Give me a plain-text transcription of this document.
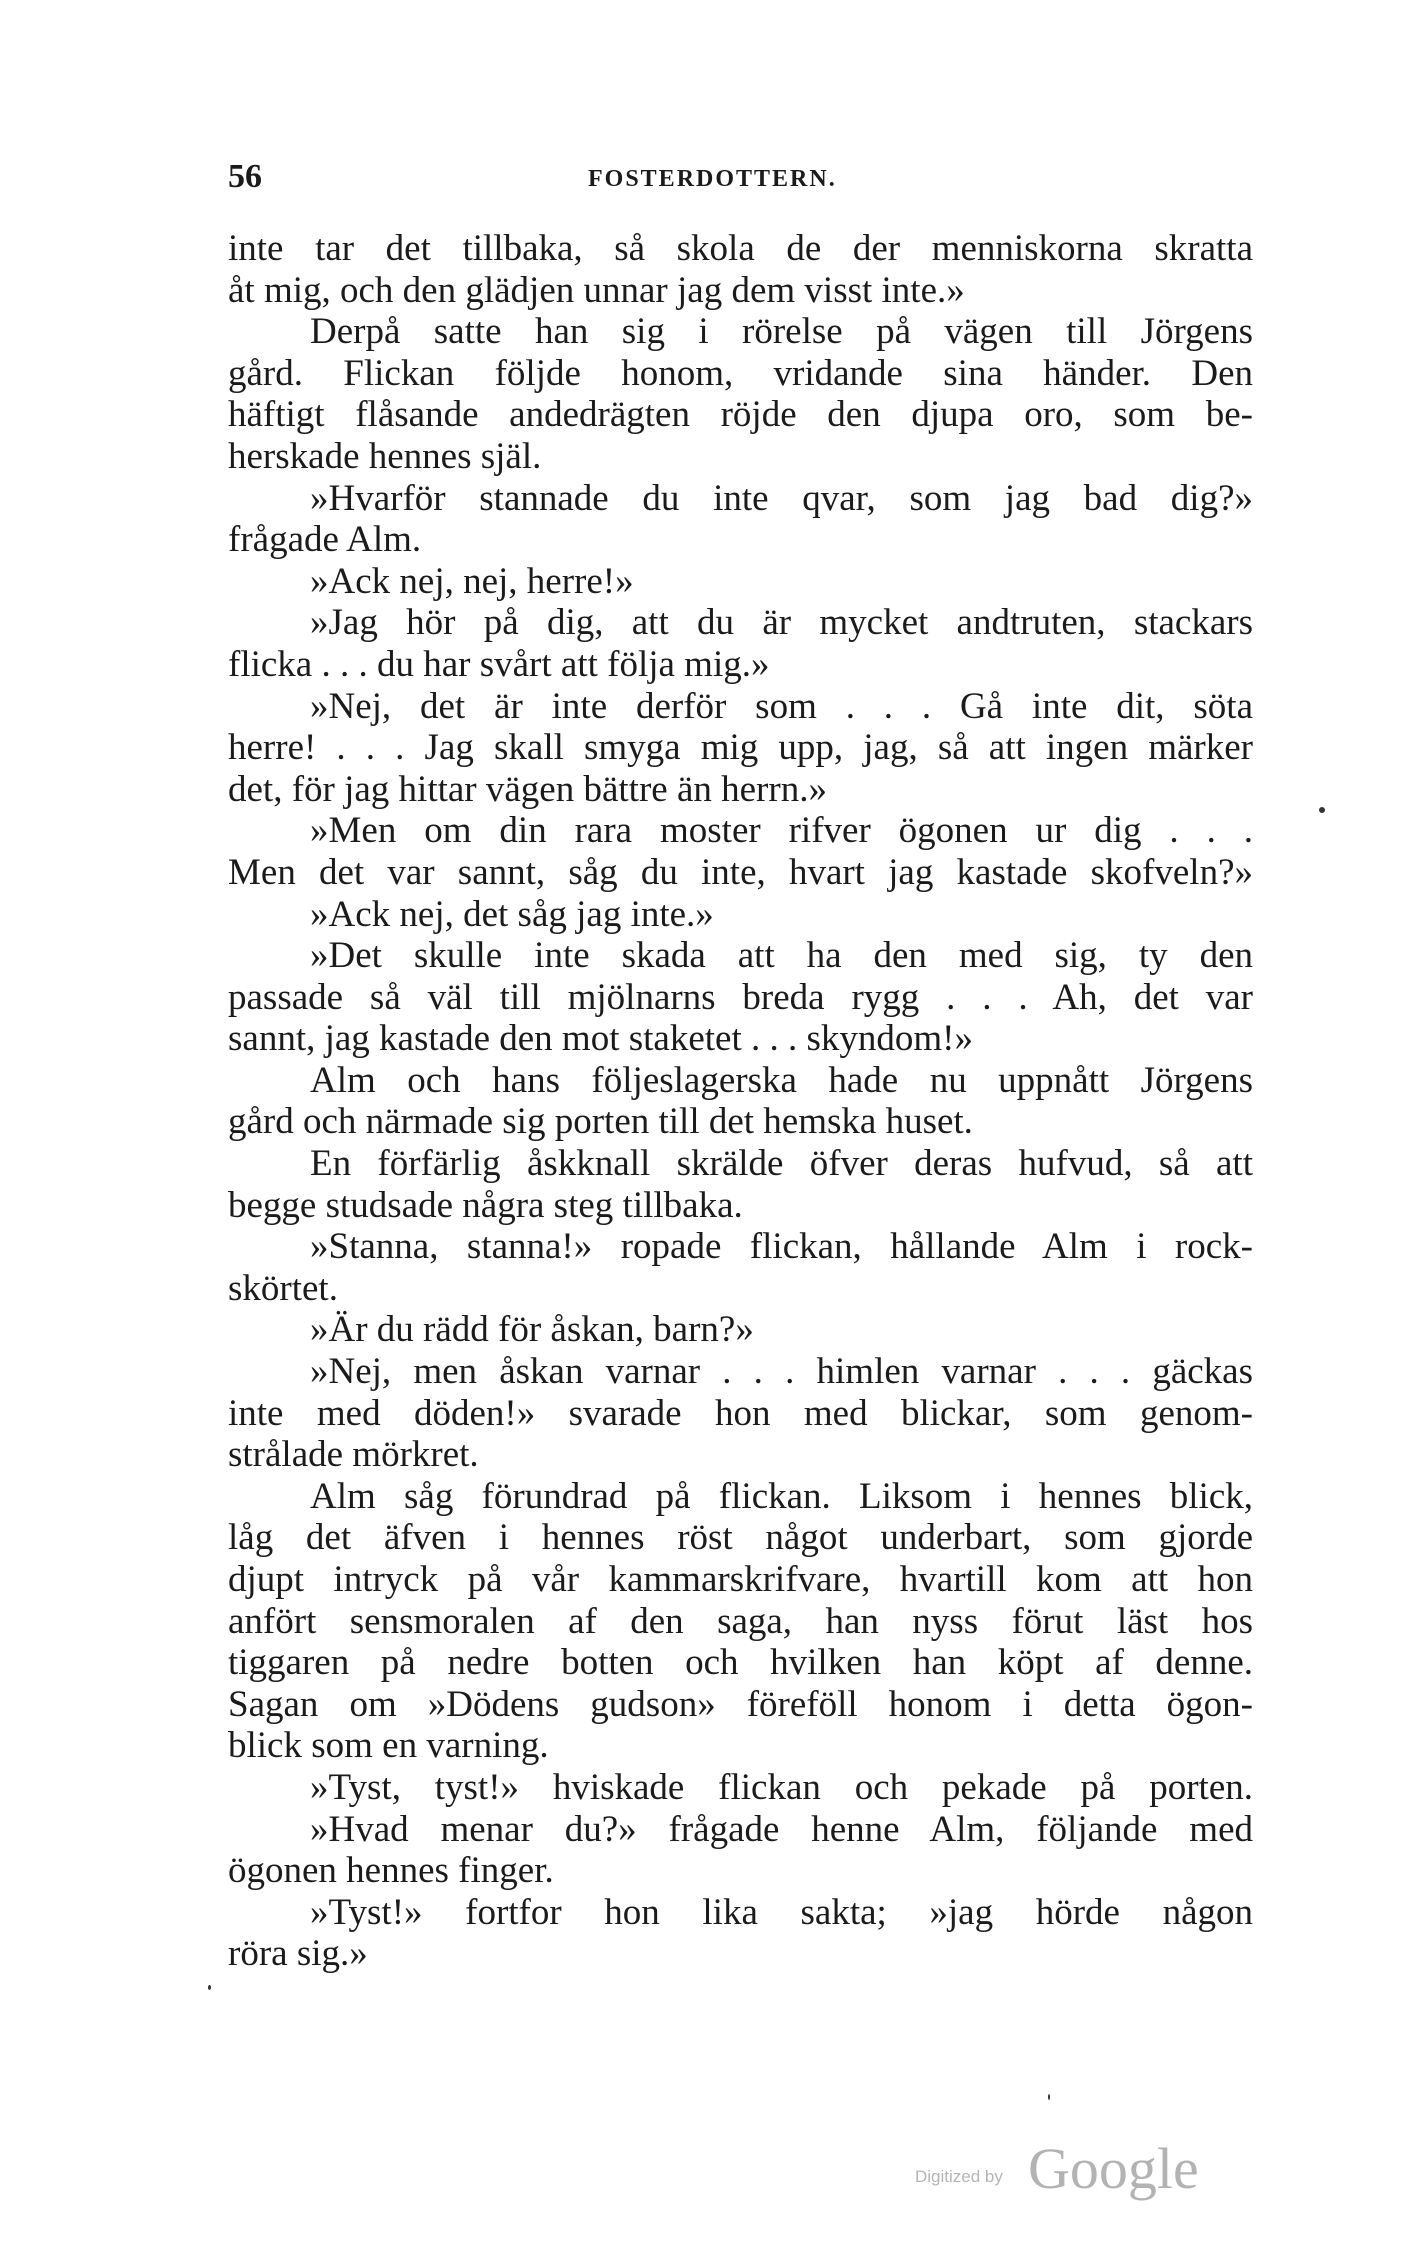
56	FOSTERDOTTERN.
inte tar det tillbaka, så skola de der menniskorna skratta
åt mig, och den glädjen unnar jag dem visst inte.»
Derpå satte han sig i rörelse på vägen till Jörgens
gård. Flickan följde honom, vridande sina händer. Den
häftigt flåsande andedrägten röjde den djupa oro, som be-
herskade hennes själ.
»Hvarför stannade du inte qvar, som jag bad dig?»
frågade Alm.
»Ack nej, nej, herre!»
»Jag hör på dig, att du är mycket andtruten, stackars
flicka . . . du har svårt att följa mig.»
»Nej, det är inte derför som . . . Gå inte dit, söta
herre! . . . Jag skall smyga mig upp, jag, så att ingen märker
det, för jag hittar vägen bättre än herrn.»
»Men om din rara moster rifver ögonen ur dig . . .
Men det var sannt, såg du inte, hvart jag kastade skofveln?»
»Ack nej, det såg jag inte.»
»Det skulle inte skada att ha den med sig, ty den
passade så väl till mjölnarns breda rygg . . . Ah, det var
sannt, jag kastade den mot staketet . . . skyndom!»
Alm och hans följeslagerska hade nu uppnått Jörgens
gård och närmade sig porten till det hemska huset.
En förfärlig åskknall skrälde öfver deras hufvud, så att
begge studsade några steg tillbaka.
»Stanna, stanna!» ropade flickan, hållande Alm i rock-
skörtet.
»Är du rädd för åskan, barn?»
»Nej, men åskan varnar . . . himlen varnar . . . gäckas
inte med döden!» svarade hon med blickar, som genom-
strålade mörkret.
Alm såg förundrad på flickan. Liksom i hennes blick,
låg det äfven i hennes röst något underbart, som gjorde
djupt intryck på vår kammarskrifvare, hvartill kom att hon
anfört sensmoralen af den saga, han nyss förut läst hos
tiggaren på nedre botten och hvilken han köpt af denne.
Sagan om »Dödens gudson» föreföll honom i detta ögon-
blick som en varning.
»Tyst, tyst!» hviskade flickan och pekade på porten.
»Hvad menar du?» frågade henne Alm, följande med
ögonen hennes finger.
»Tyst!» fortfor hon lika sakta; »jag hörde någon
röra sig.»
Digitized by Google
